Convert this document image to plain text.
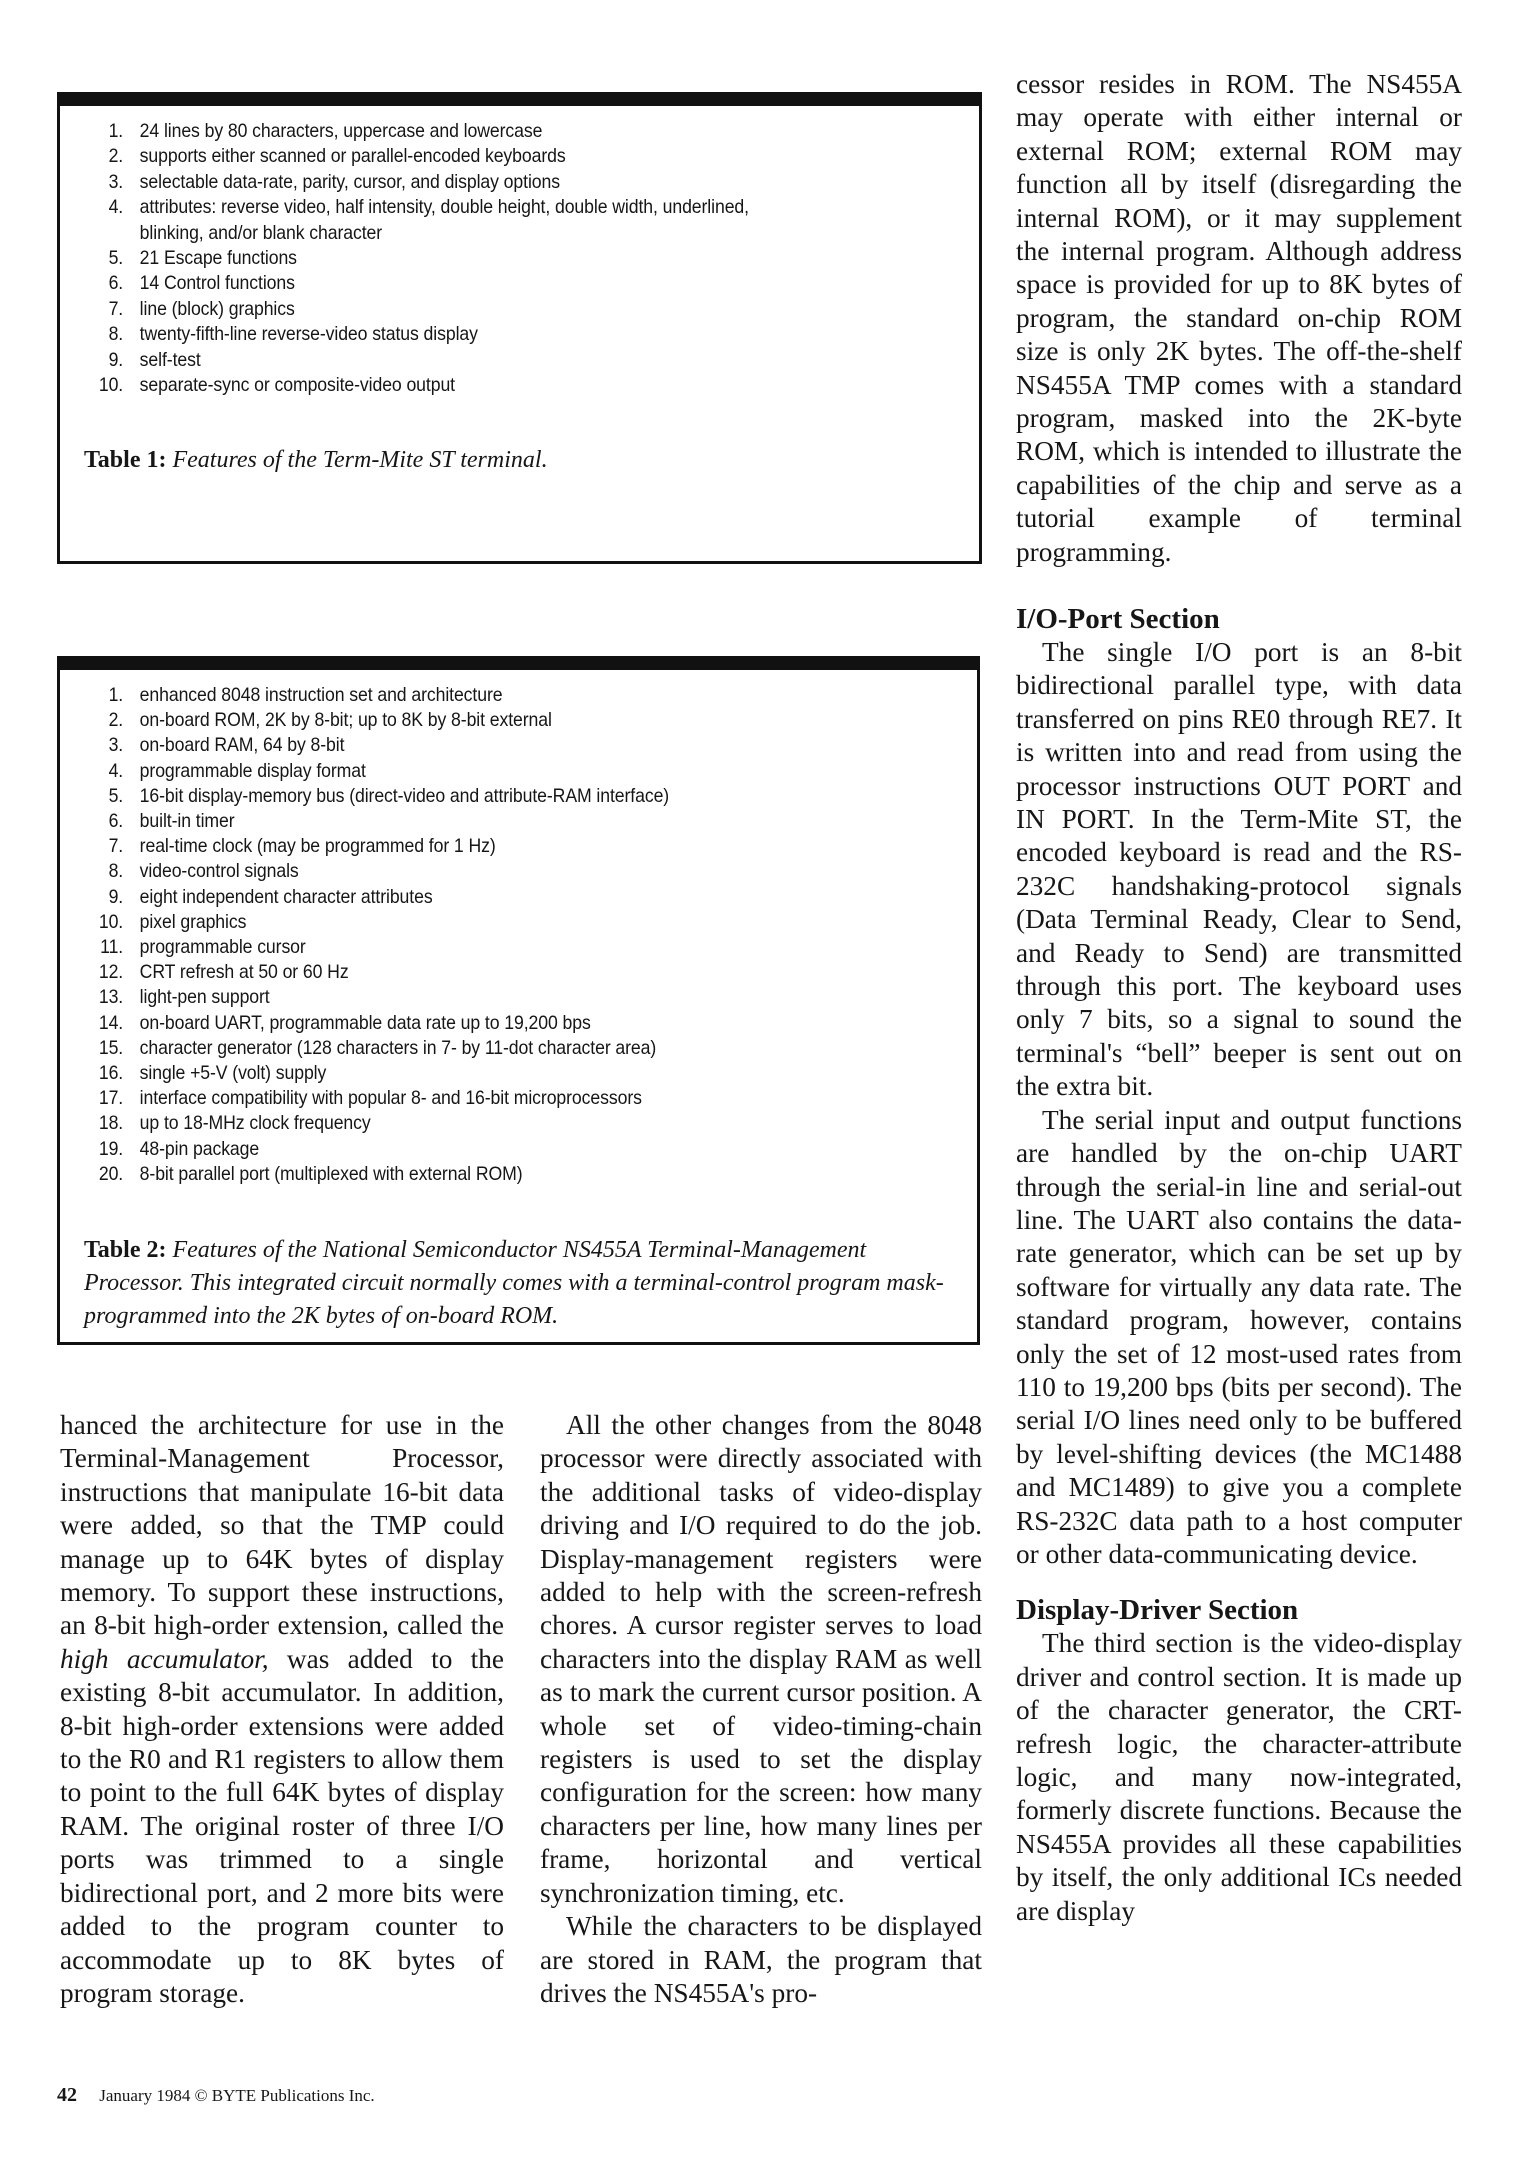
1. 24 lines by 80 characters, uppercase and lowercase
2. supports either scanned or parallel-encoded keyboards
3. selectable data-rate, parity, cursor, and display options
4. attributes: reverse video, half intensity, double height, double width, underlined,
blinking, and/or blank character
5. 21 Escape functions
6. 14 Control functions
7. line (block) graphics
8. twenty-fifth-line reverse-video status display
9. self-test
10. separate-sync or composite-video output
Table 1: Features of the Term-Mite ST terminal.
1. enhanced 8048 instruction set and architecture
2. on-board ROM, 2K by 8-bit; up to 8K by 8-bit external
3. on-board RAM, 64 by 8-bit
4. programmable display format
5. 16-bit display-memory bus (direct-video and attribute-RAM interface)
6. built-in timer
7. real-time clock (may be programmed for 1 Hz)
8. video-control signals
9. eight independent character attributes
10. pixel graphics
11. programmable cursor
12. CRT refresh at 50 or 60 Hz
13. light-pen support
14. on-board UART, programmable data rate up to 19,200 bps
15. character generator (128 characters in 7- by 11-dot character area)
16. single +5-V (volt) supply
17. interface compatibility with popular 8- and 16-bit microprocessors
18. up to 18-MHz clock frequency
19. 48-pin package
20. 8-bit parallel port (multiplexed with external ROM)
Table 2: Features of the National Semiconductor NS455A Terminal-Management Processor. This integrated circuit normally comes with a terminal-control program mask-programmed into the 2K bytes of on-board ROM.

cessor resides in ROM. The NS455A may operate with either internal or external ROM; external ROM may function all by itself (disregarding the internal ROM), or it may supplement the internal program. Although address space is provided for up to 8K bytes of program, the standard on-chip ROM size is only 2K bytes. The off-the-shelf NS455A TMP comes with a standard program, masked into the 2K-byte ROM, which is intended to illustrate the capabilities of the chip and serve as a tutorial example of terminal programming.

I/O-Port Section

The single I/O port is an 8-bit bidirectional parallel type, with data transferred on pins RE0 through RE7. It is written into and read from using the processor instructions OUT PORT and IN PORT. In the Term-Mite ST, the encoded keyboard is read and the RS-232C handshaking-protocol signals (Data Terminal Ready, Clear to Send, and Ready to Send) are transmitted through this port. The keyboard uses only 7 bits, so a signal to sound the terminal's “bell” beeper is sent out on the extra bit.

The serial input and output functions are handled by the on-chip UART through the serial-in line and serial-out line. The UART also contains the data-rate generator, which can be set up by software for virtually any data rate. The standard program, however, contains only the set of 12 most-used rates from 110 to 19,200 bps (bits per second). The serial I/O lines need only to be buffered by level-shifting devices (the MC1488 and MC1489) to give you a complete RS-232C data path to a host computer or other data-communicating device.

Display-Driver Section

The third section is the video-display driver and control section. It is made up of the character generator, the CRT-refresh logic, the character-attribute logic, and many now-integrated, formerly discrete functions. Because the NS455A provides all these capabilities by itself, the only additional ICs needed are display

hanced the architecture for use in the Terminal-Management Processor, instructions that manipulate 16-bit data were added, so that the TMP could manage up to 64K bytes of display memory. To support these instructions, an 8-bit high-order extension, called the high accumulator, was added to the existing 8-bit accumulator. In addition, 8-bit high-order extensions were added to the R0 and R1 registers to allow them to point to the full 64K bytes of display RAM. The original roster of three I/O ports was trimmed to a single bidirectional port, and 2 more bits were added to the program counter to accommodate up to 8K bytes of program storage.

All the other changes from the 8048 processor were directly associated with the additional tasks of video-display driving and I/O required to do the job. Display-management registers were added to help with the screen-refresh chores. A cursor register serves to load characters into the display RAM as well as to mark the current cursor position. A whole set of video-timing-chain registers is used to set the display configuration for the screen: how many characters per line, how many lines per frame, horizontal and vertical synchronization timing, etc.

While the characters to be displayed are stored in RAM, the program that drives the NS455A's pro-

42 January 1984 © BYTE Publications Inc.
